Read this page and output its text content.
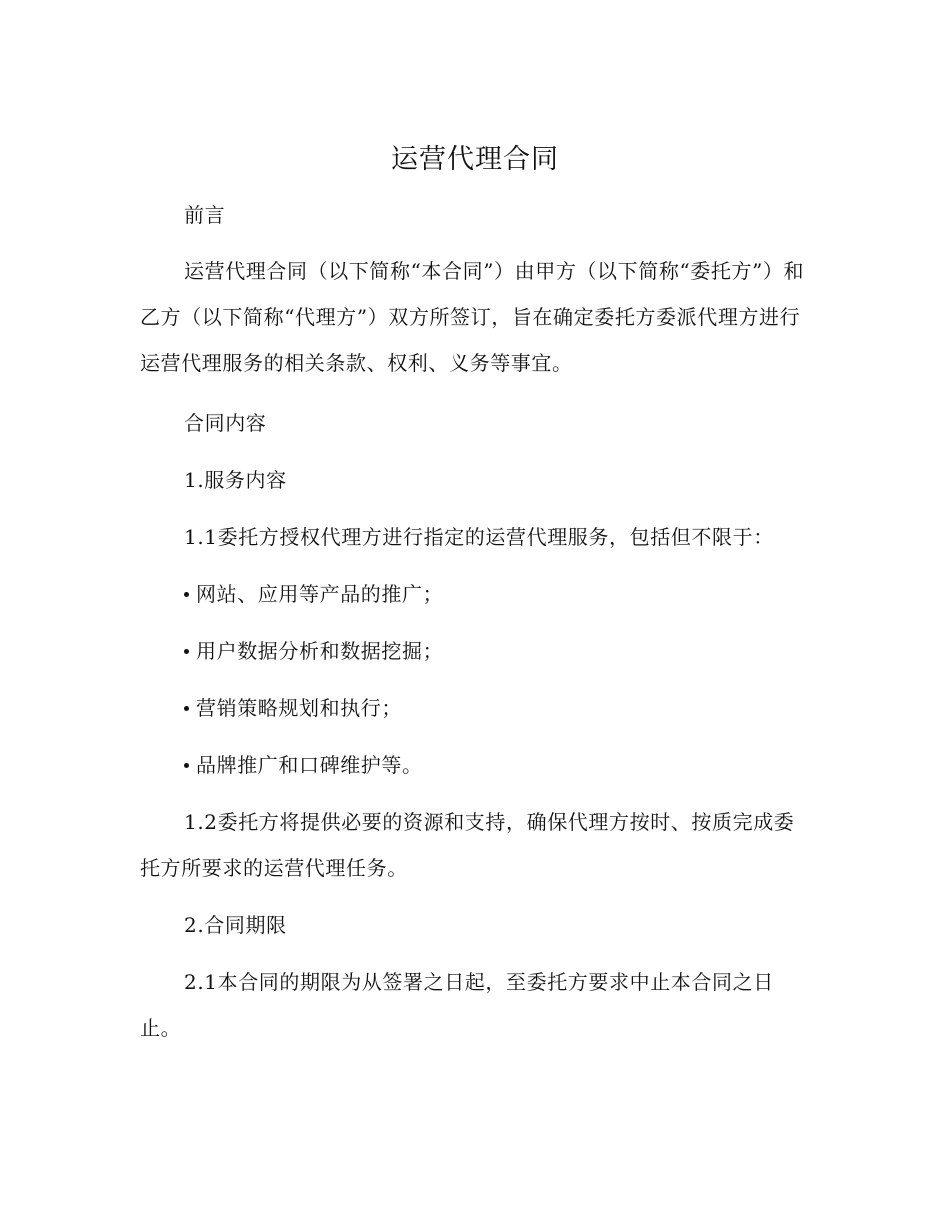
运营代理合同

前言

运营代理合同（以下简称“本合同”）由甲方（以下简称“委托方”）和乙方（以下简称“代理方”）双方所签订，旨在确定委托方委派代理方进行运营代理服务的相关条款、权利、义务等事宜。

合同内容

1.服务内容

1.1委托方授权代理方进行指定的运营代理服务，包括但不限于：

网站、应用等产品的推广；

用户数据分析和数据挖掘；

营销策略规划和执行；

品牌推广和口碑维护等。

1.2委托方将提供必要的资源和支持，确保代理方按时、按质完成委托方所要求的运营代理任务。

2.合同期限

2.1本合同的期限为从签署之日起，至委托方要求中止本合同之日止。
